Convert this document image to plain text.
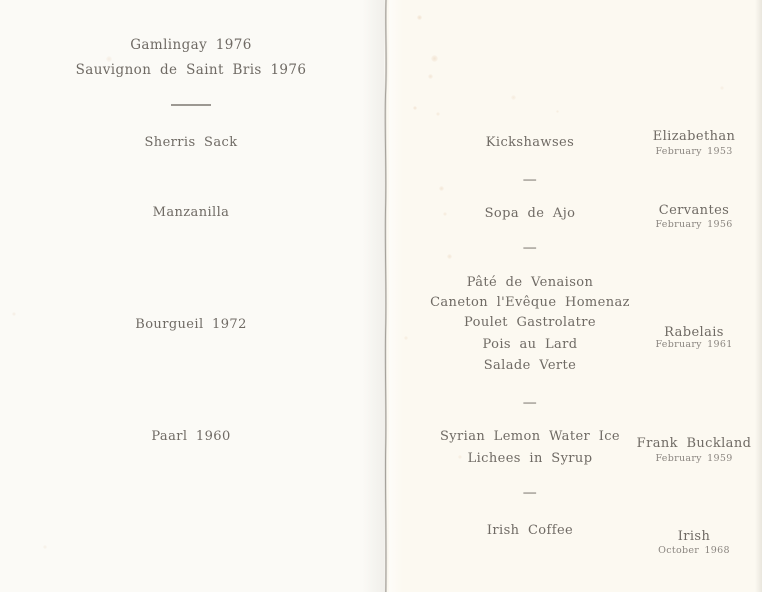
Gamlingay 1976
Sauvignon de Saint Bris 1976
Sherris Sack
Manzanilla
Bourgueil 1972
Paarl 1960
Kickshawses
—
Sopa de Ajo
—
Pâté de Venaison
Caneton l'Evêque Homenaz
Poulet Gastrolatre
Pois au Lard
Salade Verte
—
Syrian Lemon Water Ice
Lichees in Syrup
—
Irish Coffee
Elizabethan
February 1953
Cervantes
February 1956
Rabelais
February 1961
Frank Buckland
February 1959
Irish
October 1968
